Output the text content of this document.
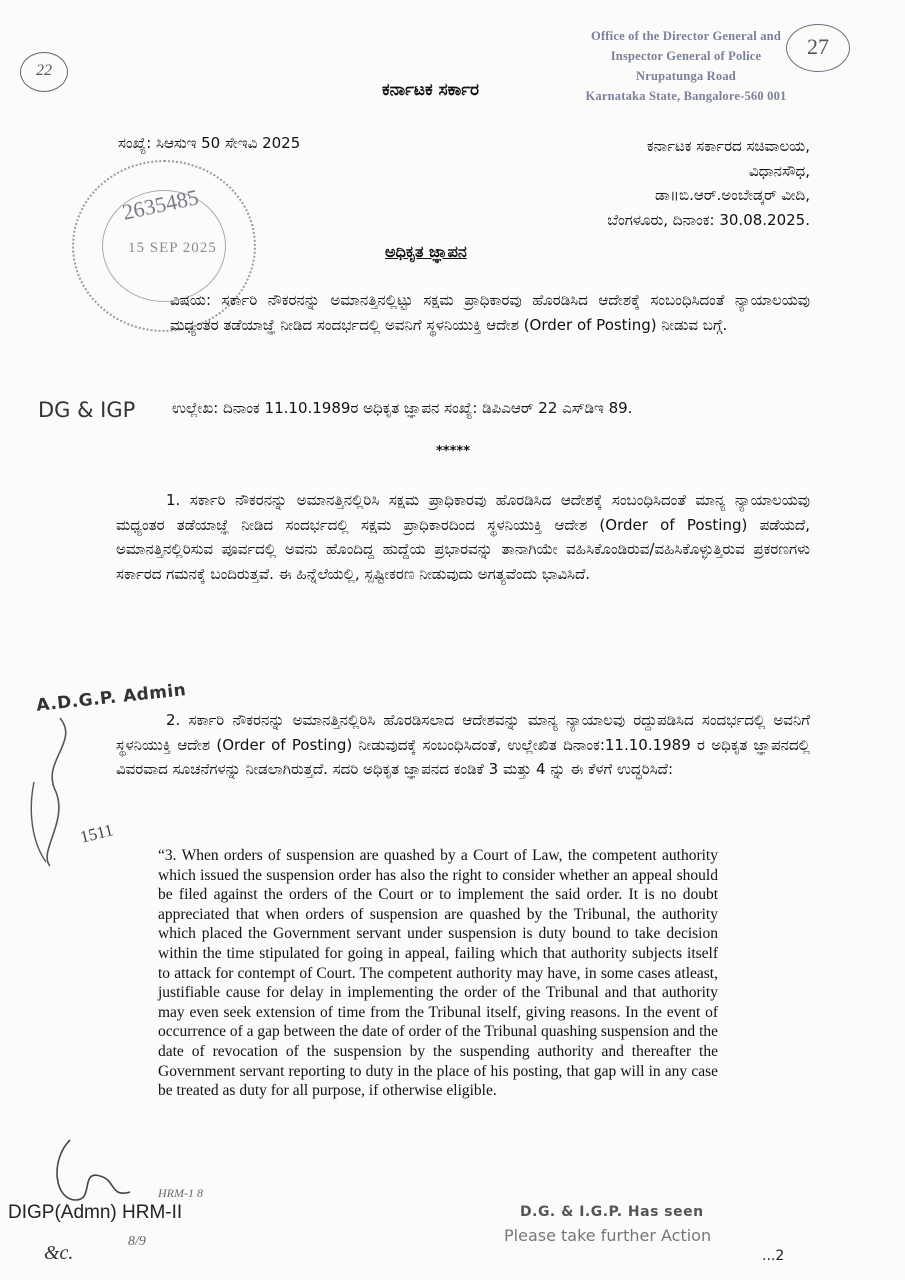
Office of the Director General and
Inspector General of Police
Nrupatunga Road
Karnataka State, Bangalore-560 001
27
22
ಕರ್ನಾಟಕ ಸರ್ಕಾರ
ಸಂಖ್ಯೆ: ಸಿಆಸುಇ 50 ಸೇಇವಿ 2025	ಕರ್ನಾಟಕ ಸರ್ಕಾರದ ಸಚಿವಾಲಯ,
ವಿಧಾನಸೌಧ,
ಡಾ॥ಬಿ.ಆರ್.ಅಂಬೇಡ್ಕರ್ ವೀದಿ,
ಬೆಂಗಳೂರು, ದಿನಾಂಕ: 30.08.2025.
2635485
15 SEP 2025	ಅಧಿಕೃತ ಜ್ಞಾಪನ
ವಿಷಯ: ಸರ್ಕಾರಿ ನೌಕರನನ್ನು ಅಮಾನತ್ತಿನಲ್ಲಿಟ್ಟು ಸಕ್ಷಮ ಪ್ರಾಧಿಕಾರವು ಹೊರಡಿಸಿದ ಆದೇಶಕ್ಕೆ ಸಂಬಂಧಿಸಿದಂತೆ ನ್ಯಾಯಾಲಯವು ಮಧ್ಯಂತರ ತಡೆಯಾಜ್ಞೆ ನೀಡಿದ ಸಂದರ್ಭದಲ್ಲಿ ಅವನಿಗೆ ಸ್ಥಳನಿಯುಕ್ತಿ ಆದೇಶ (Order of Posting) ನೀಡುವ ಬಗ್ಗೆ.
DG & IGP ಉಲ್ಲೇಖ: ದಿನಾಂಕ 11.10.1989ರ ಅಧಿಕೃತ ಜ್ಞಾಪನ ಸಂಖ್ಯೆ: ಡಿಪಿಎಆರ್ 22 ಎಸ್‌ಡಿಇ 89.
*****
1. ಸರ್ಕಾರಿ ನೌಕರನನ್ನು ಅಮಾನತ್ತಿನಲ್ಲಿರಿಸಿ ಸಕ್ಷಮ ಪ್ರಾಧಿಕಾರವು ಹೊರಡಿಸಿದ ಆದೇಶಕ್ಕೆ ಸಂಬಂಧಿಸಿದಂತೆ ಮಾನ್ಯ ನ್ಯಾಯಾಲಯವು ಮಧ್ಯಂತರ ತಡೆಯಾಜ್ಞೆ ನೀಡಿದ ಸಂದರ್ಭದಲ್ಲಿ ಸಕ್ಷಮ ಪ್ರಾಧಿಕಾರದಿಂದ ಸ್ಥಳನಿಯುಕ್ತಿ ಆದೇಶ (Order of Posting) ಪಡೆಯದೆ, ಅಮಾನತ್ತಿನಲ್ಲಿರಿಸುವ ಪೂರ್ವದಲ್ಲಿ ಅವನು ಹೊಂದಿದ್ದ ಹುದ್ದೆಯ ಪ್ರಭಾರವನ್ನು ತಾನಾಗಿಯೇ ವಹಿಸಿಕೊಂಡಿರುವ/ವಹಿಸಿಕೊಳ್ಳುತ್ತಿರುವ ಪ್ರಕರಣಗಳು ಸರ್ಕಾರದ ಗಮನಕ್ಕೆ ಬಂದಿರುತ್ತವೆ. ಈ ಹಿನ್ನೆಲೆಯಲ್ಲಿ, ಸ್ಪಷ್ಟೀಕರಣ ನೀಡುವುದು ಅಗತ್ಯವೆಂದು ಭಾವಿಸಿದೆ.
A.D.G.P. Admin
2. ಸರ್ಕಾರಿ ನೌಕರನನ್ನು ಅಮಾನತ್ತಿನಲ್ಲಿರಿಸಿ ಹೊರಡಿಸಲಾದ ಆದೇಶವನ್ನು ಮಾನ್ಯ ನ್ಯಾಯಾಲವು ರದ್ದುಪಡಿಸಿದ ಸಂದರ್ಭದಲ್ಲಿ ಅವನಿಗೆ ಸ್ಥಳನಿಯುಕ್ತಿ ಆದೇಶ (Order of Posting) ನೀಡುವುದಕ್ಕೆ ಸಂಬಂಧಿಸಿದಂತೆ, ಉಲ್ಲೇಖಿತ ದಿನಾಂಕ:11.10.1989 ರ ಅಧಿಕೃತ ಜ್ಞಾಪನದಲ್ಲಿ ವಿವರವಾದ ಸೂಚನೆಗಳನ್ನು ನೀಡಲಾಗಿರುತ್ತದೆ. ಸದರಿ ಅಧಿಕೃತ ಜ್ಞಾಪನದ ಕಂಡಿಕೆ 3 ಮತ್ತು 4 ನ್ನು ಈ ಕೆಳಗೆ ಉದ್ಧರಿಸಿದೆ:
1511
“3. When orders of suspension are quashed by a Court of Law, the competent authority which issued the suspension order has also the right to consider whether an appeal should be filed against the orders of the Court or to implement the said order. It is no doubt appreciated that when orders of suspension are quashed by the Tribunal, the authority which placed the Government servant under suspension is duty bound to take decision within the time stipulated for going in appeal, failing which that authority subjects itself to attack for contempt of Court. The competent authority may have, in some cases atleast, justifiable cause for delay in implementing the order of the Tribunal and that authority may even seek extension of time from the Tribunal itself, giving reasons. In the event of occurrence of a gap between the date of order of the Tribunal quashing suspension and the date of revocation of the suspension by the suspending authority and thereafter the Government servant reporting to duty in the place of his posting, that gap will in any case be treated as duty for all purpose, if otherwise eligible.
HRM-1 8
DIGP(Admn) HRM-II	D.G. & I.G.P. Has seen
Please take further Action
&c.
8/9
...2
